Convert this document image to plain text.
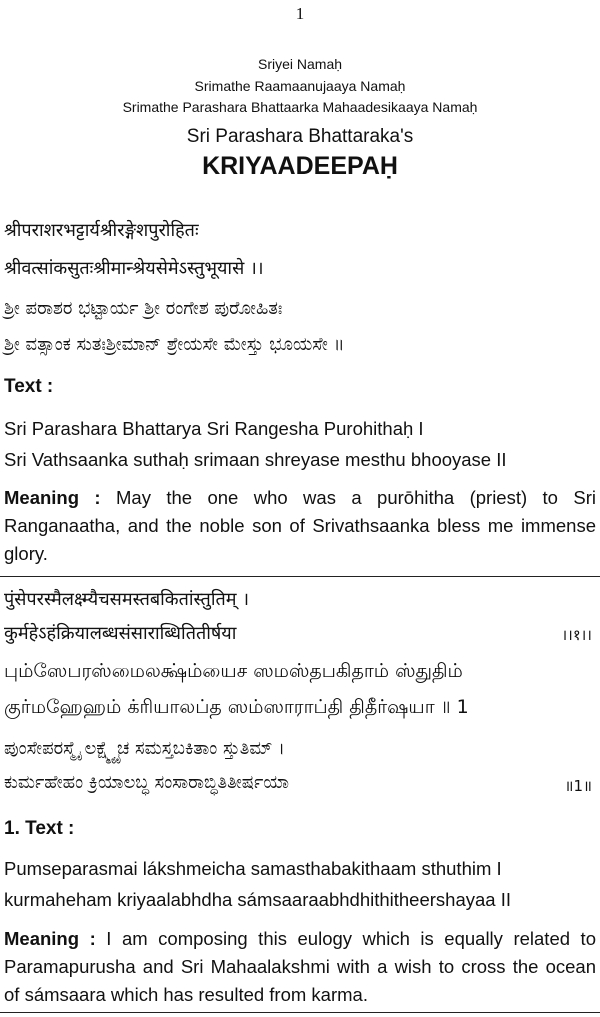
1
Sriyei Namaḥ
Srimathe Raamaanujaaya Namaḥ
Srimathe Parashara Bhattaarka Mahaadesikaaya Namaḥ
Sri Parashara Bhattaraka's
KRIYAADEEPAḤ
श्रीपराशरभट्टार्यश्रीरङ्गेशपुरोहितः
श्रीवत्सांकसुतःश्रीमान्श्रेयसेमेऽस्तुभूयासे ।।
ಶ್ರೀ ಪರಾಶರ ಭಟ್ಟಾರ್ಯ ಶ್ರೀ ರಂಗೇಶ ಪುರೋಹಿತಃ
ಶ್ರೀ ವತ್ಸಾಂಕ ಸುತಃಶ್ರೀಮಾನ್ ಶ್ರೇಯಸೇ ಮೇಸ್ತು ಭೂಯಸೇ ॥
Text :
Sri Parashara Bhattarya Sri Rangesha Purohithaḥ I
Sri Vathsaanka suthaḥ srimaan shreyase mesthu bhooyase II
Meaning : May the one who was a purōhitha (priest) to Sri Ranganaatha, and the noble son of Srivathsaanka bless me immense glory.
पुंसेपरस्मैलक्ष्म्यैचसमस्तबकितांस्तुतिम् ।
कुर्महेऽहंक्रियालब्धसंसाराब्धितितीर्षया	।।१।।
பும்ஸேபரஸ்மைலக்ஷ்ம்யைச ஸமஸ்தபகிதாம் ஸ்துதிம்
குர்மஹேஹம் க்ரியாலப்த ஸம்ஸாராப்தி திதீர்ஷயா ॥ 1
ಪುಂಸೇಪರಸ್ಮೈ ಲಕ್ಷ್ಮ್ಯೈಚ ಸಮಸ್ತಬಕಿತಾಂ ಸ್ತುತಿಮ್ ।
ಕುರ್ಮಹೇಹಂ ಕ್ರಿಯಾಲಬ್ಧ ಸಂಸಾರಾಬ್ಧಿತಿತೀರ್ಷಯಾ	॥1॥
1. Text :
Pumseparasmai lákshmeicha samasthabakithaam sthuthim I
kurmaheham kriyaalabhdha sámsaaraabhdhithitheershayaa II
Meaning : I am composing this eulogy which is equally related to Paramapurusha and Sri Mahaalakshmi with a wish to cross the ocean of sámsaara which has resulted from karma.
